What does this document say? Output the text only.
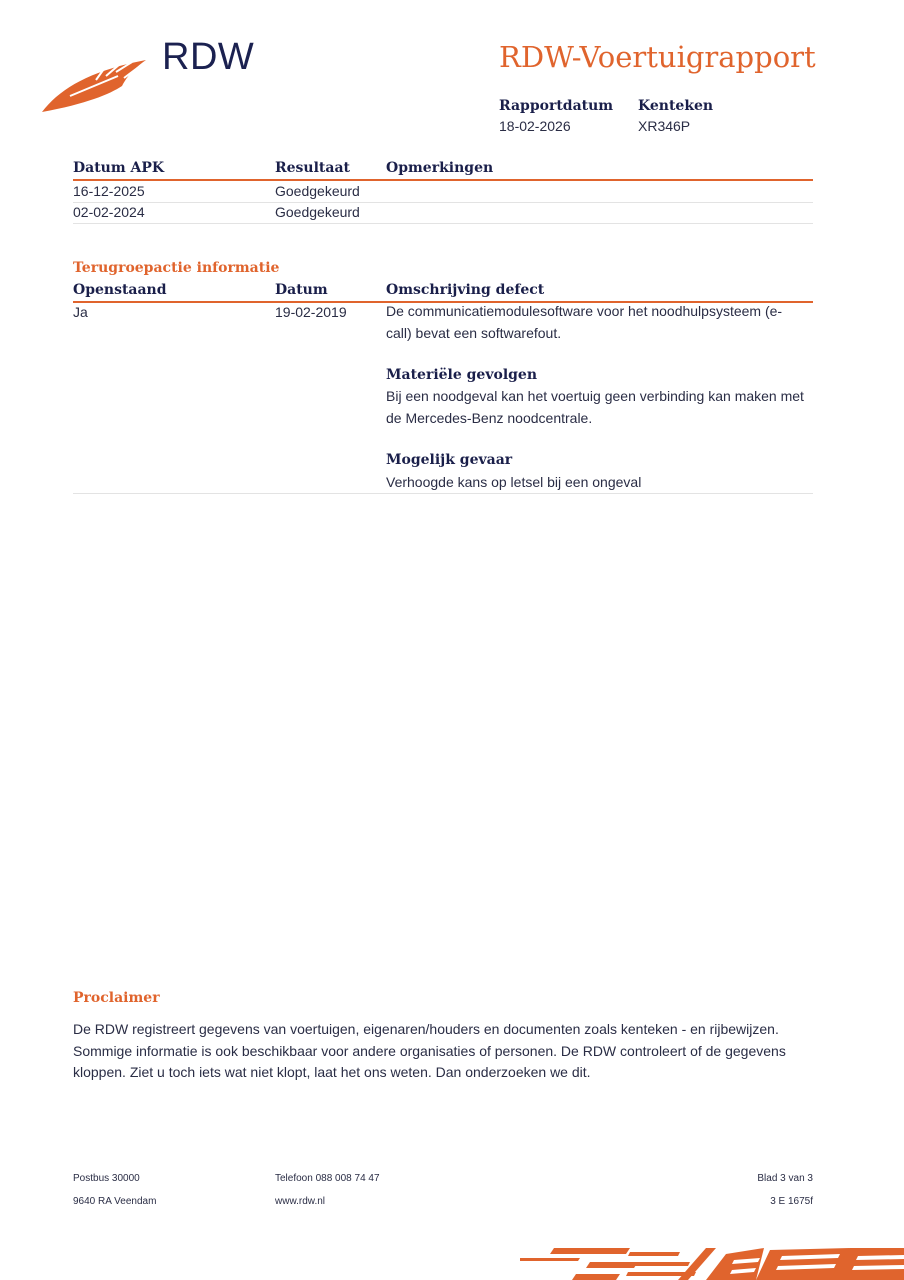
RDW	RDW-Voertuigrapport
Rapportdatum
18-02-2026
Kenteken
XR346P
Datum APK	Resultaat	Opmerkingen
16-12-2025	Goedgekeurd
02-02-2024	Goedgekeurd
Terugroepactie informatie
Openstaand	Datum	Omschrijving defect
Ja	19-02-2019	De communicatiemodulesoftware voor het noodhulpsysteem (e-call) bevat een softwarefout.
Materiële gevolgen
Bij een noodgeval kan het voertuig geen verbinding kan maken met de Mercedes-Benz noodcentrale.
Mogelijk gevaar
Verhoogde kans op letsel bij een ongeval
Proclaimer
De RDW registreert gegevens van voertuigen, eigenaren/houders en documenten zoals kenteken - en rijbewijzen. Sommige informatie is ook beschikbaar voor andere organisaties of personen. De RDW controleert of de gegevens kloppen. Ziet u toch iets wat niet klopt, laat het ons weten. Dan onderzoeken we dit.
Postbus 30000
9640 RA Veendam
Telefoon 088 008 74 47
www.rdw.nl
Blad 3 van 3
3 E 1675f
